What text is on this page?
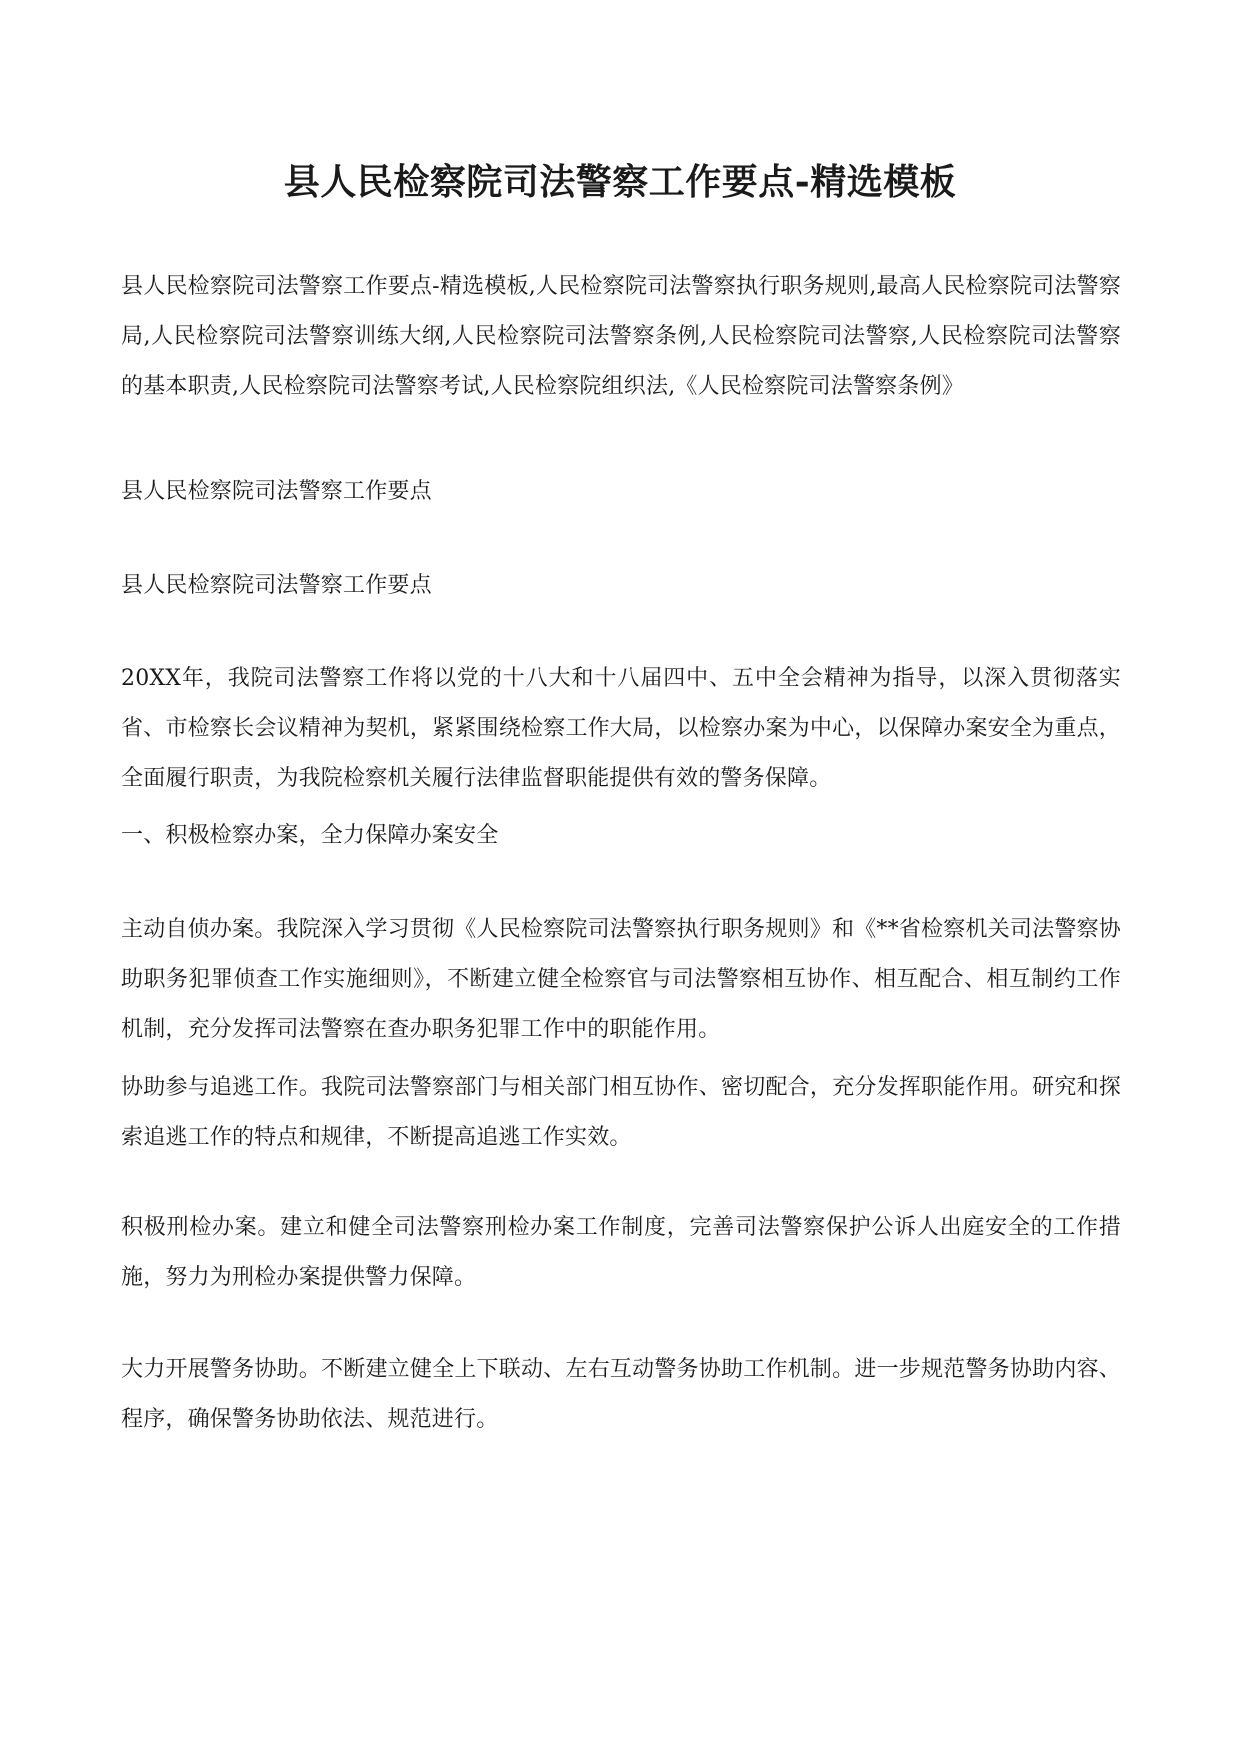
县人民检察院司法警察工作要点-精选模板

县人民检察院司法警察工作要点-精选模板,人民检察院司法警察执行职务规则,最高人民检察院司法警察局,人民检察院司法警察训练大纲,人民检察院司法警察条例,人民检察院司法警察,人民检察院司法警察的基本职责,人民检察院司法警察考试,人民检察院组织法,《人民检察院司法警察条例》

县人民检察院司法警察工作要点

县人民检察院司法警察工作要点

20XX年，我院司法警察工作将以党的十八大和十八届四中、五中全会精神为指导，以深入贯彻落实省、市检察长会议精神为契机，紧紧围绕检察工作大局，以检察办案为中心，以保障办案安全为重点，全面履行职责，为我院检察机关履行法律监督职能提供有效的警务保障。

一、积极检察办案，全力保障办案安全

主动自侦办案。我院深入学习贯彻《人民检察院司法警察执行职务规则》和《**省检察机关司法警察协助职务犯罪侦查工作实施细则》，不断建立健全检察官与司法警察相互协作、相互配合、相互制约工作机制，充分发挥司法警察在查办职务犯罪工作中的职能作用。

协助参与追逃工作。我院司法警察部门与相关部门相互协作、密切配合，充分发挥职能作用。研究和探索追逃工作的特点和规律，不断提高追逃工作实效。

积极刑检办案。建立和健全司法警察刑检办案工作制度，完善司法警察保护公诉人出庭安全的工作措施，努力为刑检办案提供警力保障。

大力开展警务协助。不断建立健全上下联动、左右互动警务协助工作机制。进一步规范警务协助内容、程序，确保警务协助依法、规范进行。
